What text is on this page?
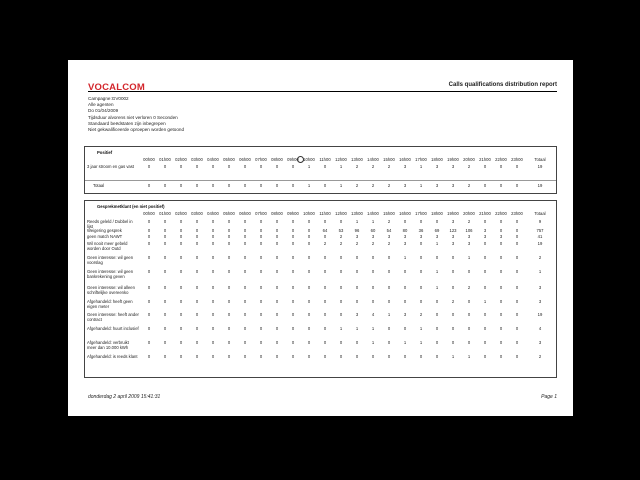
VOCALCOM	Calls qualifications distribution report
Campagne:GV0002
Alle agenten
Do 01/04/2009
Tijdsduur alvorens niet verloren 0 Seconden
Standaard beëdstaten zijn inbegrepen
Niet gekwalificeerde oproepen worden getoond
Positief
00h00 01h00 02h00 03h00 04h00 05h00 06h00 07h00 08h00 09h00 10h00	11h00	12h00 13h00 14h00 15h00 16h00 17h00 18h00 19h00 20h00 21h00 22h00 23h00	Totaal
3 jaar stroom en gas vast	0	0	0	0	0	0	0	0	0	0	1	0	1	2	2	2	3	1	3	3	2	0	0	0	19
Totaal	0	0	0	0	0	0	0	0	0	0	1	0	1	2	2	2	3	1	3	3	2	0	0	0	19
Gesprekmetklant (en niet positief)
00h00 01h00 02h00 03h00 04h00 05h00 06h00 07h00 08h00 09h00 10h00	11h00	12h00 13h00 14h00 15h00 16h00 17h00 18h00 19h00 20h00 21h00 22h00 23h00	Totaal
Reeds geleld / Dubbel in lijst
0	0	0	0	0	0	0	0	0	0	0	0	0	1	1	2	0	0	0	3	2	0	0	0	9
Weigering gesprek	0	0	0	0	0	0	0	0	0	0	0	64	53	96	60	54	80	36	69	123	106	3	0	0	757
geen match NAWT	0	0	0	0	0	0	0	0	0	0	0	0	2	3	3	3	3	3	3	3	3	3	3	0	41
Wil nooit meer gebeld worden door Outd
0	0	0	0	0	0	0	0	0	0	0	2	2	2	2	2	3	0	1	3	3	0	0	0	19
Geen interesse: wil geen voorslag
0	0	0	0	0	0	0	0	0	0	0	0	0	0	0	0	1	0	0	0	1	0	0	0	2
Geen interesse: wil geen bankrekening geven
0	0	0	0	0	0	0	0	0	0	0	0	0	0	0	0	0	0	1	0	0	0	0	0	1
Geen interesse: wil alleen schriftelijke overeenko
0	0	0	0	0	0	0	0	0	0	0	0	0	0	0	0	0	0	1	0	2	0	0	0	3
Afgehandeld: heeft geen eigen meter
0	0	0	0	0	0	0	0	0	0	0	0	0	0	0	0	0	0	0	2	0	1	0	0	3
Geen interesse: heeft ander contract
0	0	0	0	0	0	0	0	0	0	0	0	0	3	4	1	3	2	0	0	0	0	0	0	19
Afgehandeld: huurt inclusief	0	0	0	0	0	0	0	0	0	0	0	0	1	1	1	0	0	1	0	0	0	0	0	0	4
Afgehandeld: verbruikt meer dan 10.000 kWh
0	0	0	0	0	0	0	0	0	0	0	0	0	0	1	0	1	1	0	0	0	0	0	0	3
Afgehandeld: is reeds klant	0	0	0	0	0	0	0	0	0	0	0	0	0	0	0	0	0	0	0	1	1	0	0	0	2
donderdag 2 april 2009 15:41:31	Page 1
